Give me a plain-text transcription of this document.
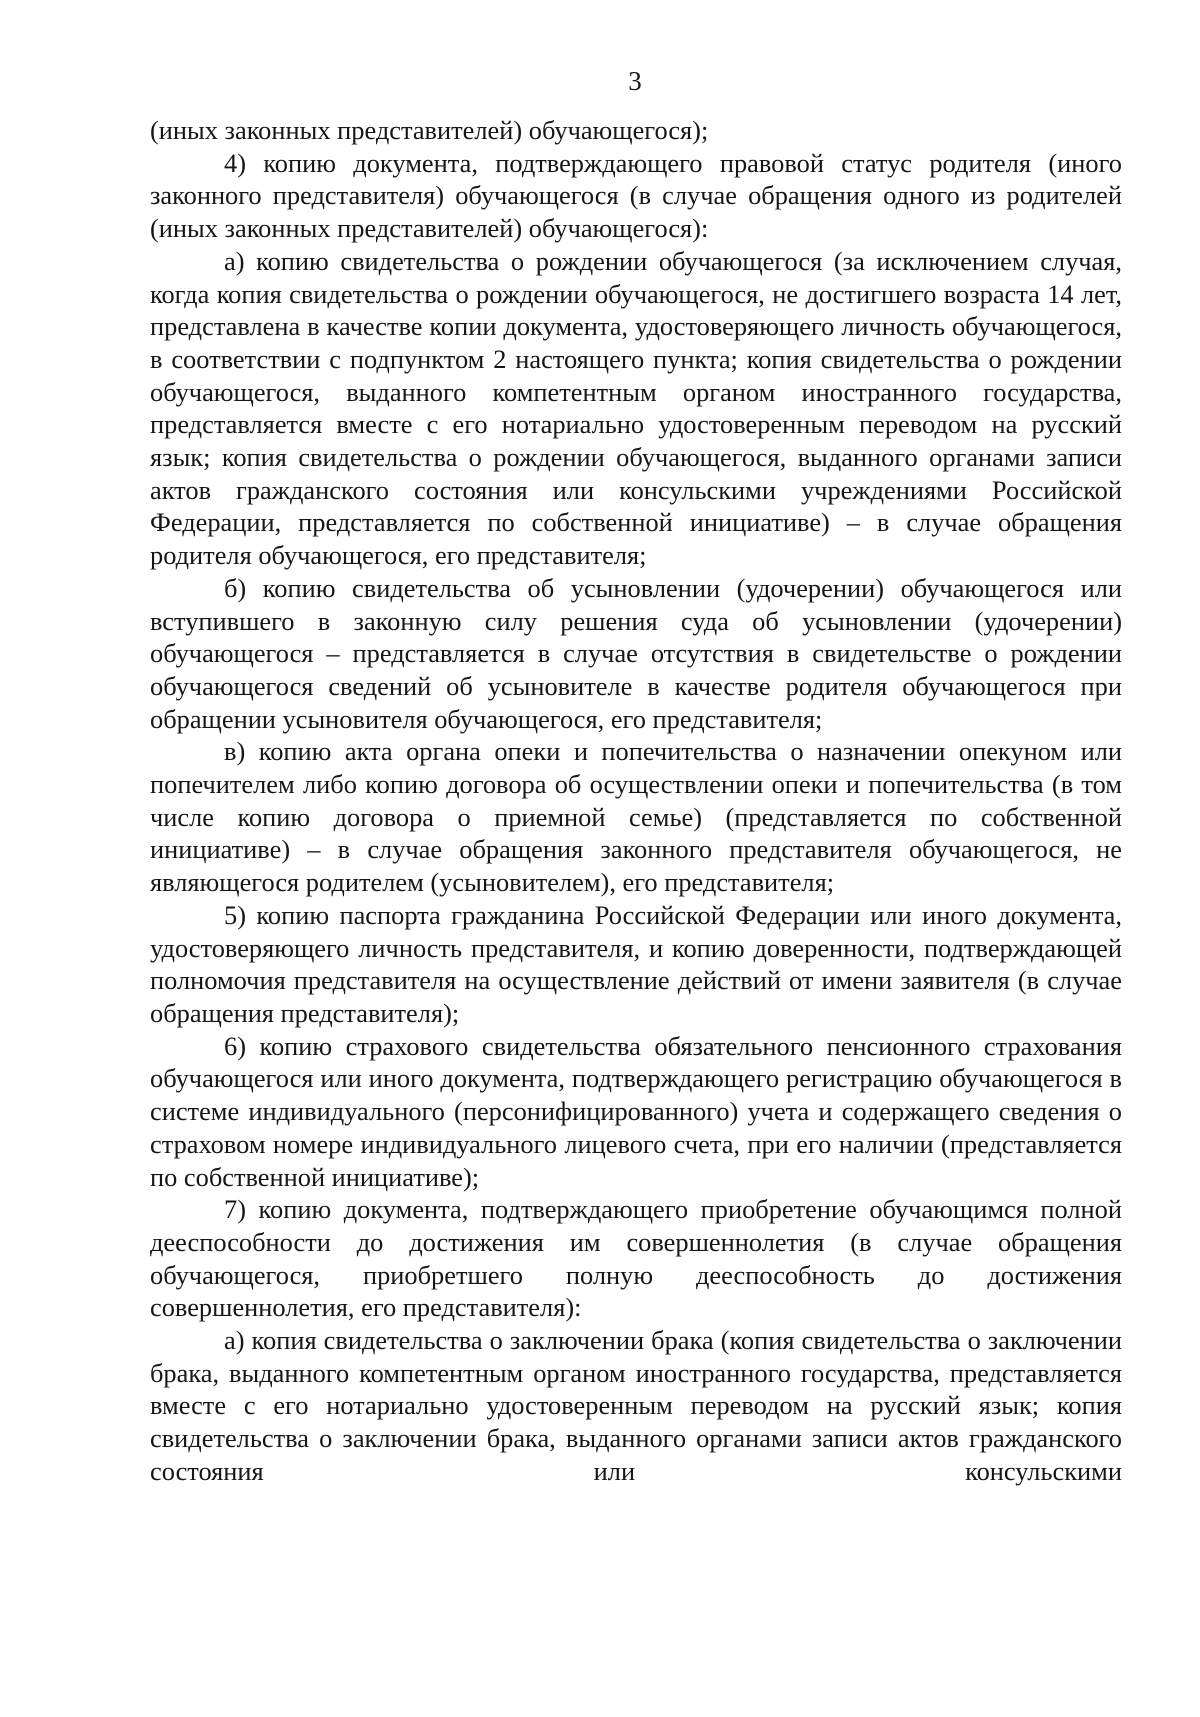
3

(иных законных представителей) обучающегося);

4) копию документа, подтверждающего правовой статус родителя (иного законного представителя) обучающегося (в случае обращения одного из родителей (иных законных представителей) обучающегося):

а) копию свидетельства о рождении обучающегося (за исключением случая, когда копия свидетельства о рождении обучающегося, не достигшего возраста 14 лет, представлена в качестве копии документа, удостоверяющего личность обучающегося, в соответствии с подпунктом 2 настоящего пункта; копия свидетельства о рождении обучающегося, выданного компетентным органом иностранного государства, представляется вместе с его нотариально удостоверенным переводом на русский язык; копия свидетельства о рождении обучающегося, выданного органами записи актов гражданского состояния или консульскими учреждениями Российской Федерации, представляется по собственной инициативе) – в случае обращения родителя обучающегося, его представителя;

б) копию свидетельства об усыновлении (удочерении) обучающегося или вступившего в законную силу решения суда об усыновлении (удочерении) обучающегося – представляется в случае отсутствия в свидетельстве о рождении обучающегося сведений об усыновителе в качестве родителя обучающегося при обращении усыновителя обучающегося, его представителя;

в) копию акта органа опеки и попечительства о назначении опекуном или попечителем либо копию договора об осуществлении опеки и попечительства (в том числе копию договора о приемной семье) (представляется по собственной инициативе) – в случае обращения законного представителя обучающегося, не являющегося родителем (усыновителем), его представителя;

5) копию паспорта гражданина Российской Федерации или иного документа, удостоверяющего личность представителя, и копию доверенности, подтверждающей полномочия представителя на осуществление действий от имени заявителя (в случае обращения представителя);

6) копию страхового свидетельства обязательного пенсионного страхования обучающегося или иного документа, подтверждающего регистрацию обучающегося в системе индивидуального (персонифицированного) учета и содержащего сведения о страховом номере индивидуального лицевого счета, при его наличии (представляется по собственной инициативе);

7) копию документа, подтверждающего приобретение обучающимся полной дееспособности до достижения им совершеннолетия (в случае обращения обучающегося, приобретшего полную дееспособность до достижения совершеннолетия, его представителя):

а) копия свидетельства о заключении брака (копия свидетельства о заключении брака, выданного компетентным органом иностранного государства, представляется вместе с его нотариально удостоверенным переводом на русский язык; копия свидетельства о заключении брака, выданного органами записи актов гражданского состояния или консульскими
